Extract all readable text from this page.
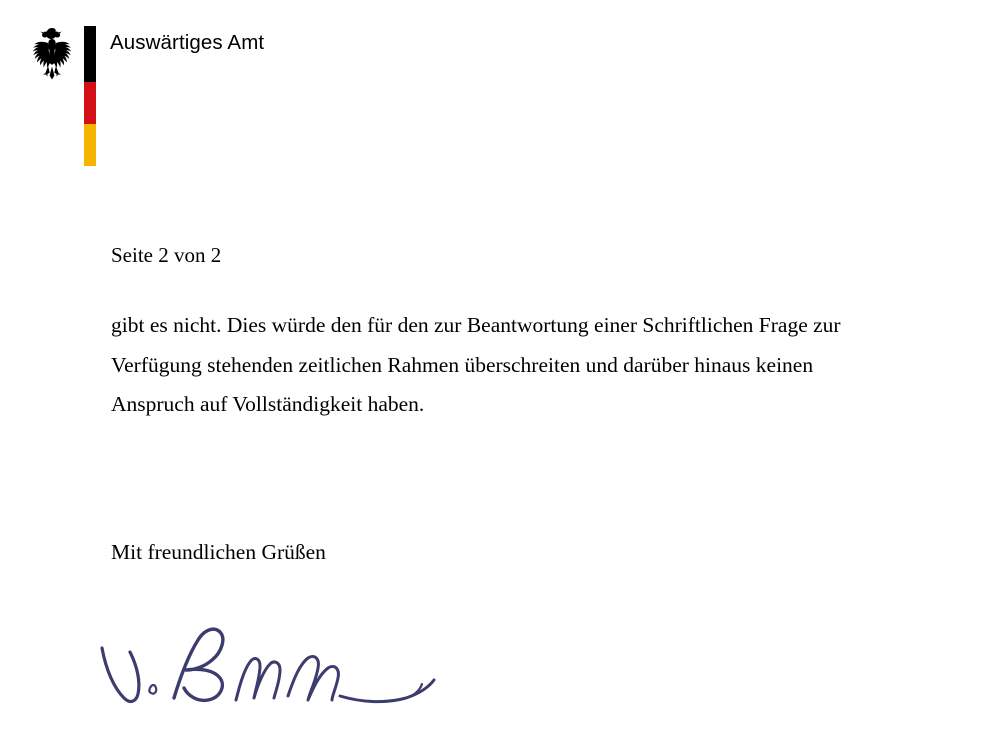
Auswärtiges Amt

Seite 2 von 2

gibt es nicht. Dies würde den für den zur Beantwortung einer Schriftlichen Frage zur Verfügung stehenden zeitlichen Rahmen überschreiten und darüber hinaus keinen Anspruch auf Vollständigkeit haben.

Mit freundlichen Grüßen
